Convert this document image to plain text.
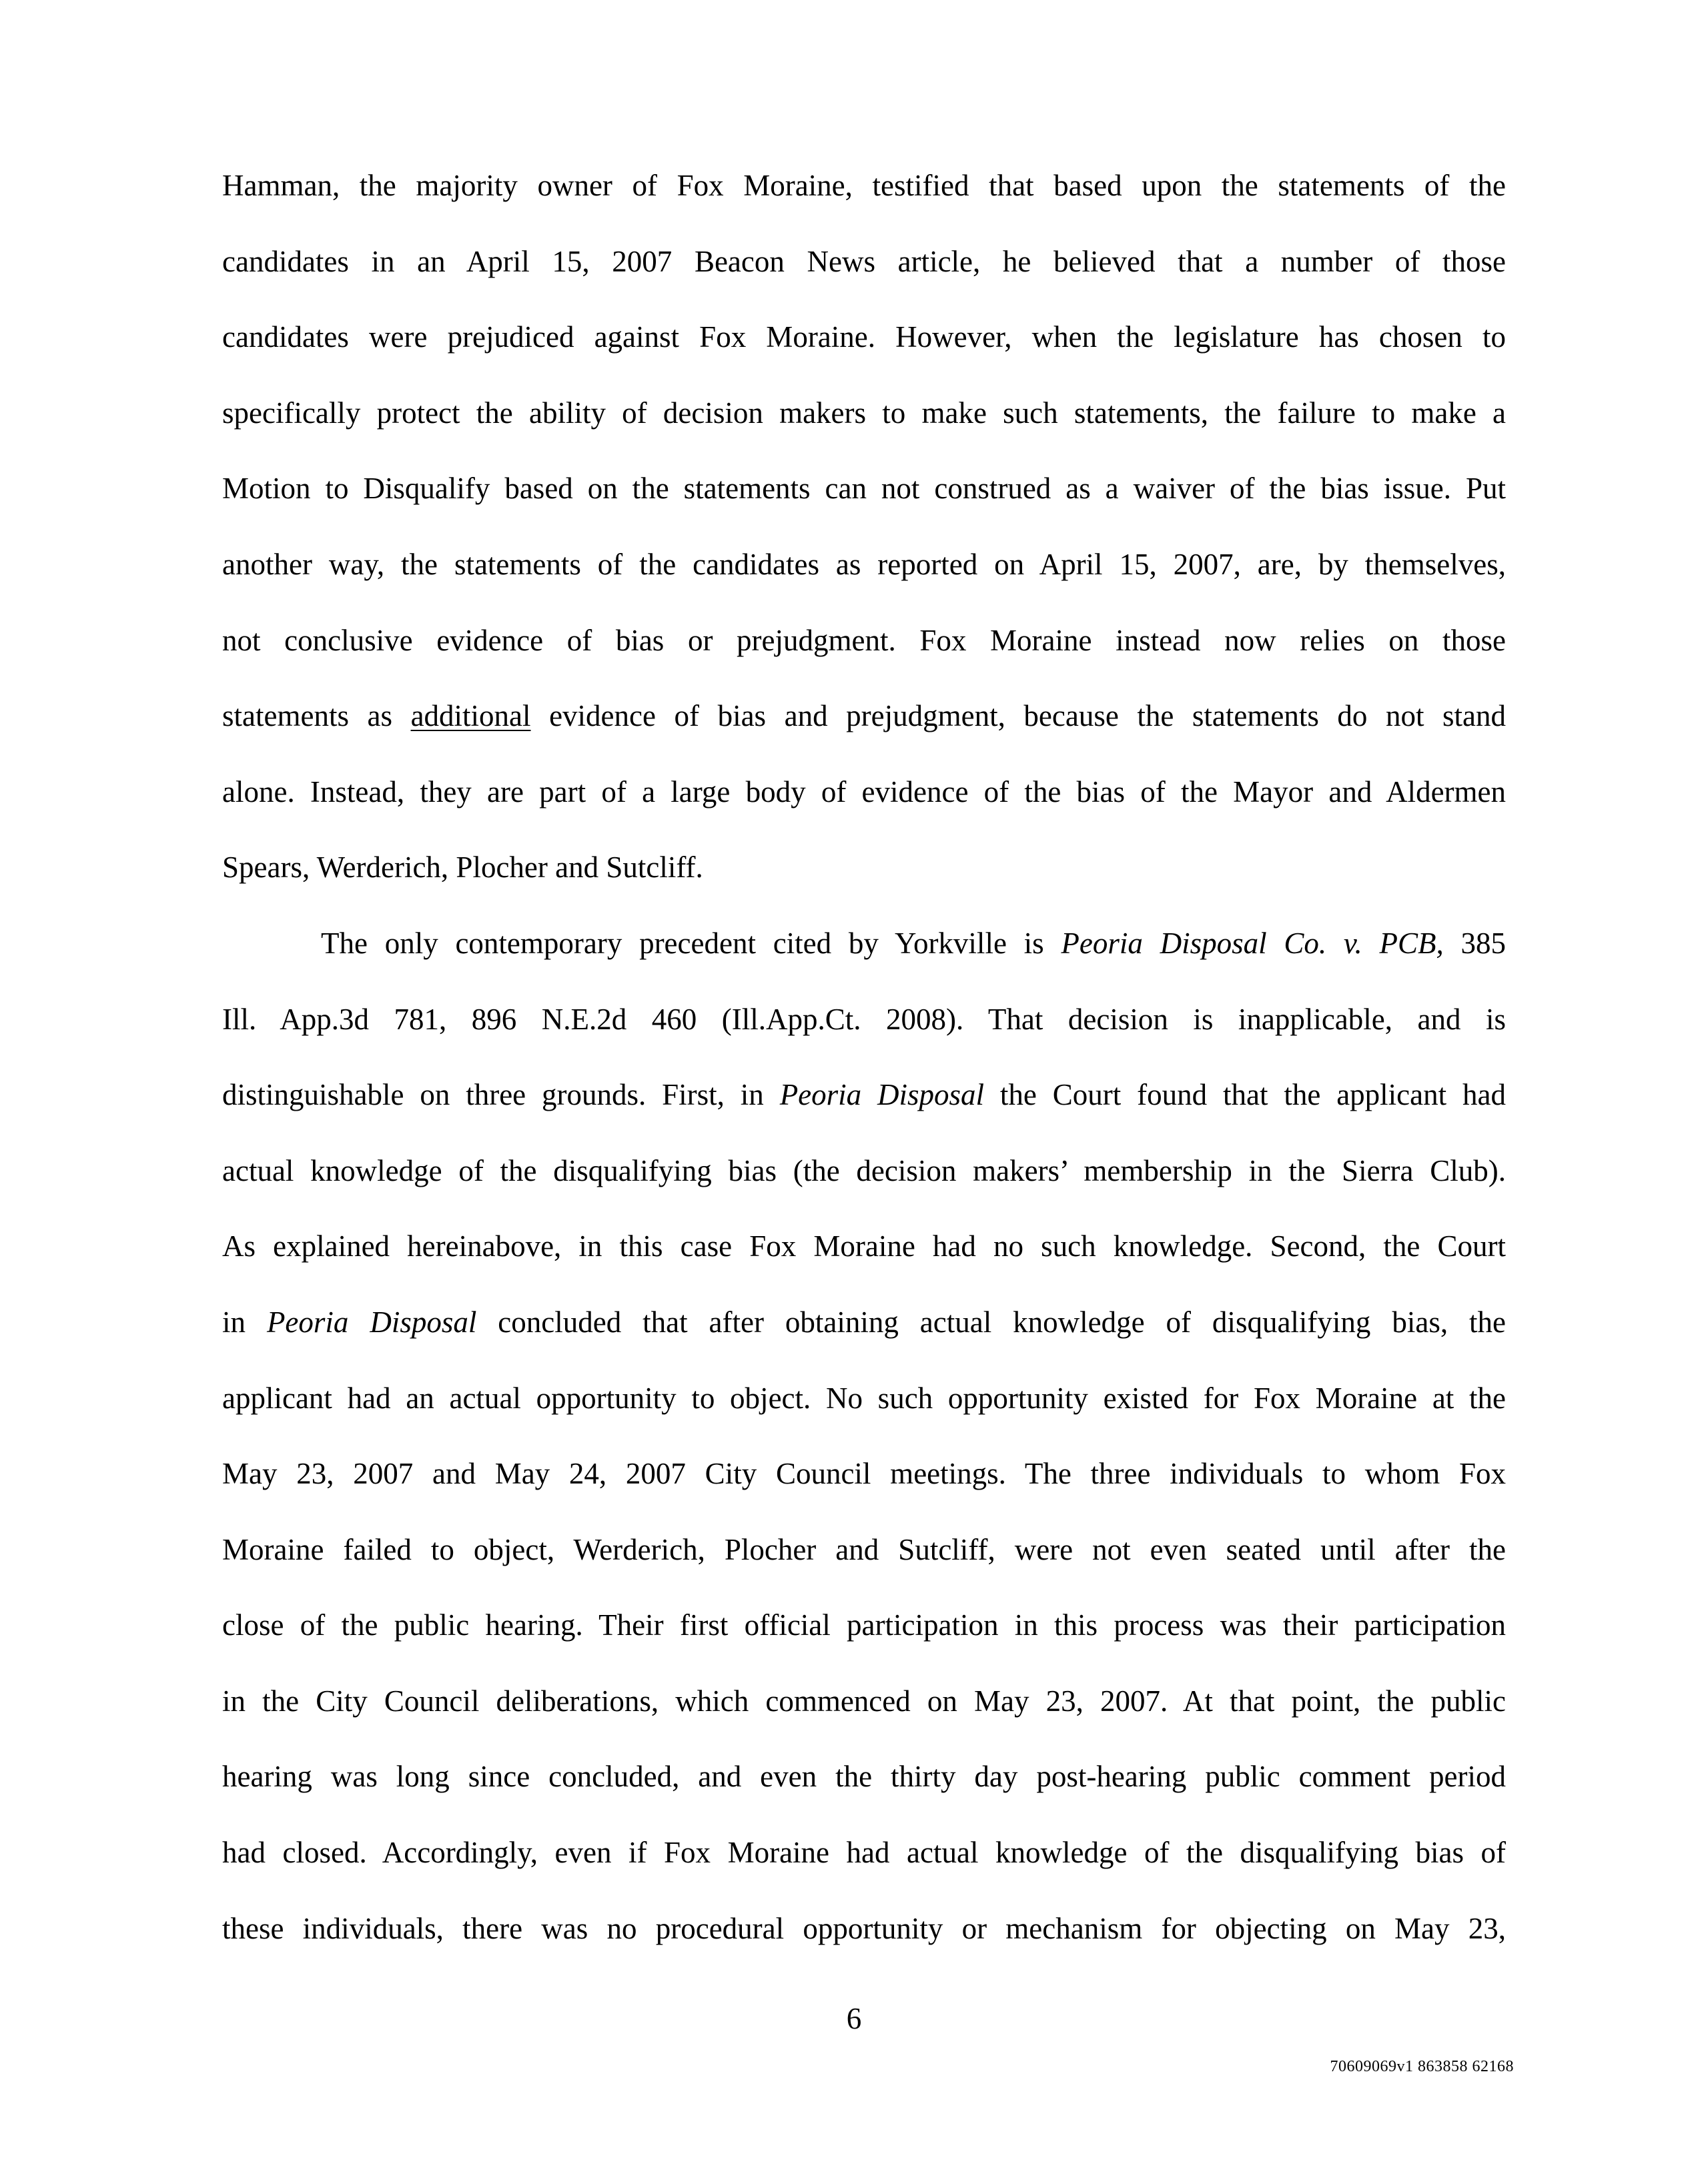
Hamman, the majority owner of Fox Moraine, testified that based upon the statements of the
candidates in an April 15, 2007 Beacon News article, he believed that a number of those
candidates were prejudiced against Fox Moraine. However, when the legislature has chosen to
specifically protect the ability of decision makers to make such statements, the failure to make a
Motion to Disqualify based on the statements can not construed as a waiver of the bias issue. Put
another way, the statements of the candidates as reported on April 15, 2007, are, by themselves,
not conclusive evidence of bias or prejudgment. Fox Moraine instead now relies on those
statements as additional evidence of bias and prejudgment, because the statements do not stand
alone. Instead, they are part of a large body of evidence of the bias of the Mayor and Aldermen
Spears, Werderich, Plocher and Sutcliff.
The only contemporary precedent cited by Yorkville is Peoria Disposal Co. v. PCB, 385
Ill. App.3d 781, 896 N.E.2d 460 (Ill.App.Ct. 2008). That decision is inapplicable, and is
distinguishable on three grounds. First, in Peoria Disposal the Court found that the applicant had
actual knowledge of the disqualifying bias (the decision makers’ membership in the Sierra Club).
As explained hereinabove, in this case Fox Moraine had no such knowledge. Second, the Court
in Peoria Disposal concluded that after obtaining actual knowledge of disqualifying bias, the
applicant had an actual opportunity to object. No such opportunity existed for Fox Moraine at the
May 23, 2007 and May 24, 2007 City Council meetings. The three individuals to whom Fox
Moraine failed to object, Werderich, Plocher and Sutcliff, were not even seated until after the
close of the public hearing. Their first official participation in this process was their participation
in the City Council deliberations, which commenced on May 23, 2007. At that point, the public
hearing was long since concluded, and even the thirty day post-hearing public comment period
had closed. Accordingly, even if Fox Moraine had actual knowledge of the disqualifying bias of
these individuals, there was no procedural opportunity or mechanism for objecting on May 23,
6
70609069v1 863858 62168
